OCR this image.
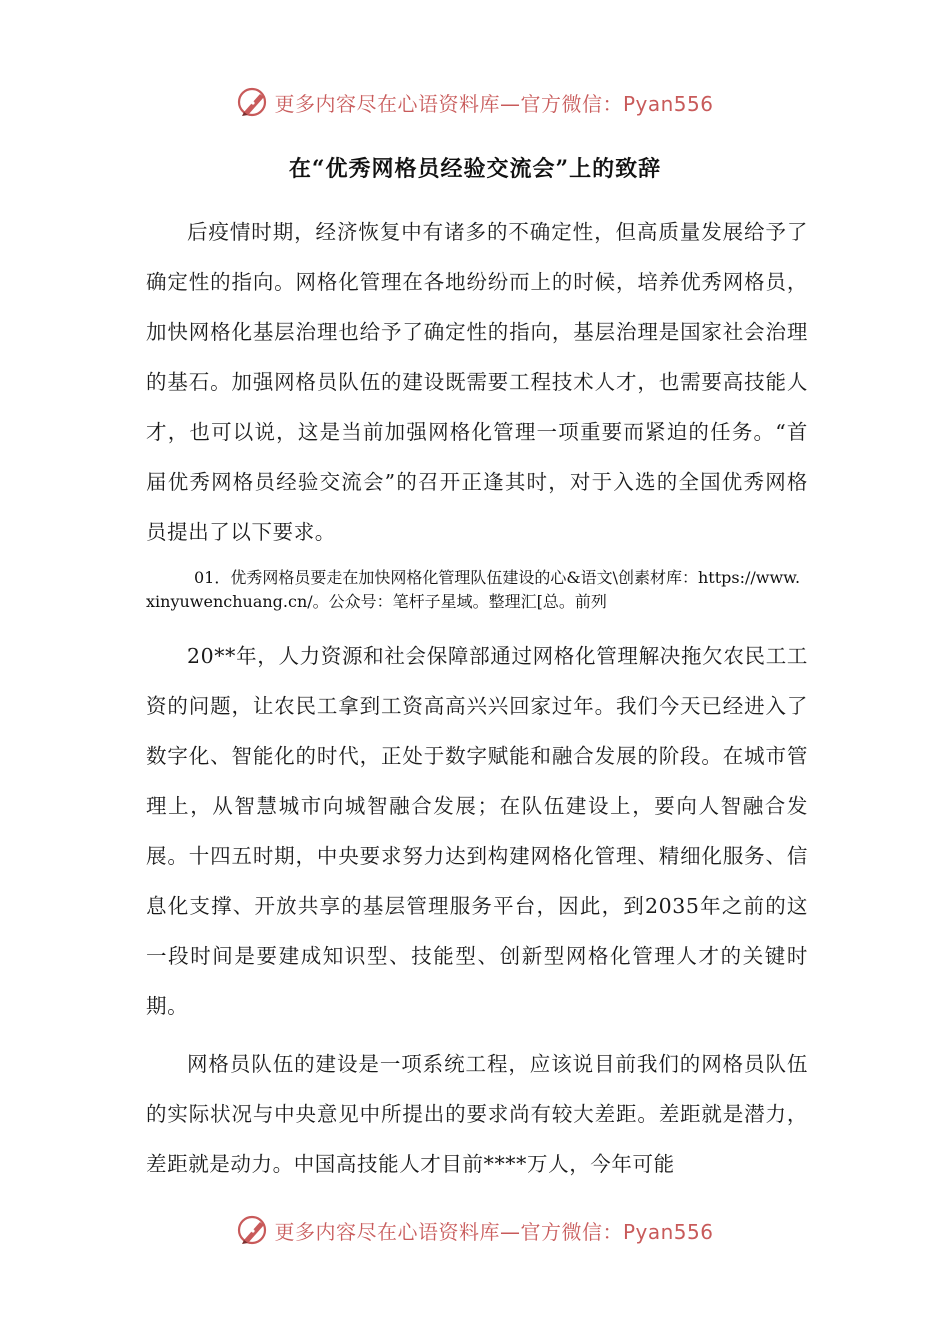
更多内容尽在心语资料库—官方微信：Pyan556
在“优秀网格员经验交流会”上的致辞

后疫情时期，经济恢复中有诸多的不确定性，但高质量发展给予了确定性的指向。网格化管理在各地纷纷而上的时候，培养优秀网格员，加快网格化基层治理也给予了确定性的指向，基层治理是国家社会治理的基石。加强网格员队伍的建设既需要工程技术人才，也需要高技能人才，也可以说，这是当前加强网格化管理一项重要而紧迫的任务。“首届优秀网格员经验交流会”的召开正逢其时，对于入选的全国优秀网格员提出了以下要求。

01．优秀网格员要走在加快网格化管理队伍建设的心&语文\创素材库：https://www.xinyuwenchuang.cn/。公众号：笔杆子星域。整理汇[总。前列

20**年，人力资源和社会保障部通过网格化管理解决拖欠农民工工资的问题，让农民工拿到工资高高兴兴回家过年。我们今天已经进入了数字化、智能化的时代，正处于数字赋能和融合发展的阶段。在城市管理上，从智慧城市向城智融合发展；在队伍建设上，要向人智融合发展。十四五时期，中央要求努力达到构建网格化管理、精细化服务、信息化支撑、开放共享的基层管理服务平台，因此，到2035年之前的这一段时间是要建成知识型、技能型、创新型网格化管理人才的关键时期。

网格员队伍的建设是一项系统工程，应该说目前我们的网格员队伍的实际状况与中央意见中所提出的要求尚有较大差距。差距就是潜力，差距就是动力。中国高技能人才目前****万人，今年可能

更多内容尽在心语资料库—官方微信：Pyan556
